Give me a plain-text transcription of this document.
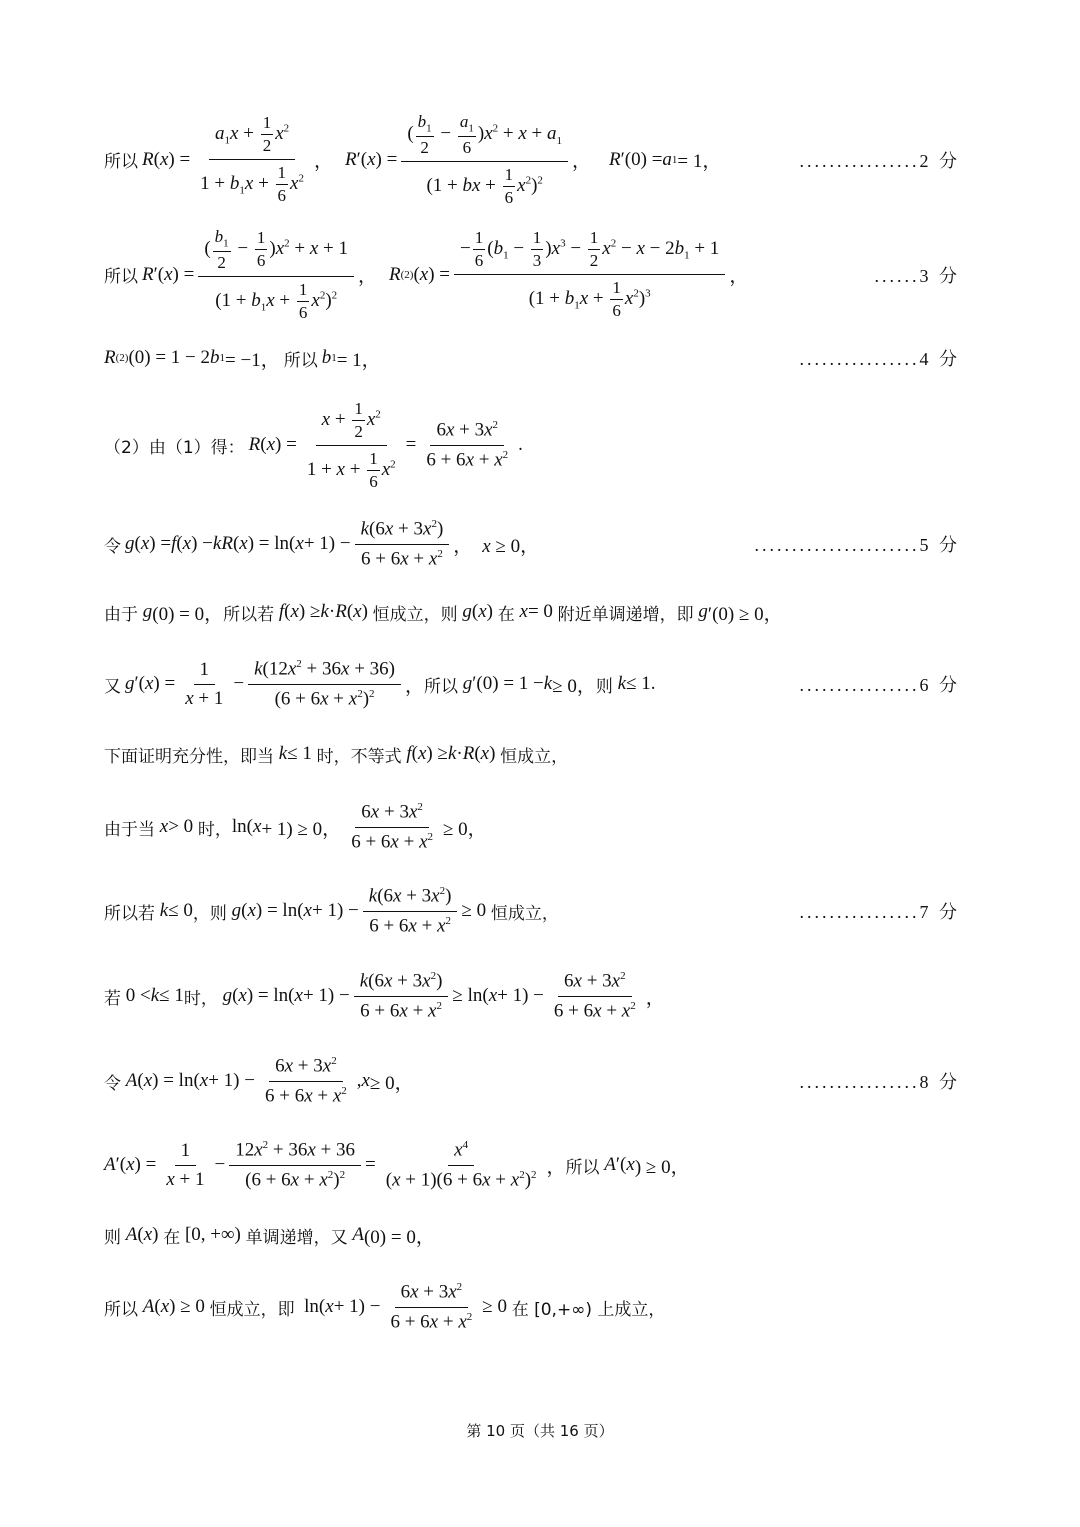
所以 R ( x ) = $\frac{a_1x + \frac{1}{2} x^2}{1 + b_1x + \frac{1}{6} x^2}$ ， R ′( x ) = $\frac{( \frac{b_1}{2} - \frac{a_1}{6} )x^2 + x + a_1}{(1 + bx + \frac{1}{6} x^2)^2}$ ， R ′(0) = a 1 = 1，	................2 分
所以 R ′( x ) = $\frac{( \frac{b_1}{2} - \frac{1}{6} )x^2 + x + 1}{(1 + b_1x + \frac{1}{6} x^2)^2}$ ， R (2) ( x ) = $\frac{- \frac{1}{6} (b_1 - \frac{1}{3} )x^3 - \frac{1}{2} x^2 - x - 2b_1 + 1}{(1 + b_1x + \frac{1}{6} x^2)^3}$ ，	......3 分
R (2) (0) = 1 − 2 b 1 = −1， 所以 b 1 = 1，	................4 分
（2）由（1）得： R ( x ) = $\frac{x + \frac{1}{2} x^2}{1 + x + \frac{1}{6} x^2} = \frac{6x + 3x^2}{6 + 6x + x^2}$ .
令 g ( x ) = f ( x ) − kR ( x ) = ln( $x + 1) - \frac{k(6x + 3x^2)}{6 + 6x + x^2}$ ， x ≥ 0，	......................5 分
由于
g (0) = 0， 所以若
f ( x ) ≥ k · R ( x ) 恒成立，则
g ( x ) 在
x = 0 附近单调递增，即
g ′(0) ≥ 0，
又 g ′( x ) = $\frac{1}{x + 1} - \frac{k(12x^2 + 36x + 36)}{(6 + 6x + x^2)^2}$ ， 所以
g ′(0) = 1 − k ≥ 0， 则
k ≤ 1.	................6 分
下面证明充分性，即当
k ≤ 1 时，不等式
f ( x ) ≥ k · R ( x ) 恒成立，
由于当
x > 0 时， ln( x + 1) ≥ 0， $\frac{6x + 3x^2}{6 + 6x + x^2} \ge 0$，
所以若
k ≤ 0 ，则
g ( x ) = ln( $x + 1) - \frac{k(6x + 3x^2)}{6 + 6x + x^2} \ge 0$ 恒成立，	................7 分
若 0 < k ≤ 1 时，
g ( x ) = ln( $x + 1) - \frac{k(6x + 3x^2)}{6 + 6x + x^2} \ge \ln$( $x + 1) - \frac{6x + 3x^2}{6 + 6x + x^2}$ ，
令
A ( x ) = ln( $x + 1) - \frac{6x + 3x^2}{6 + 6x + x^2}$ , x ≥ 0，	................8 分
A ′( x ) = $\frac{1}{x + 1} - \frac{12x^2 + 36x + 36}{(6 + 6x + x^2)^2} = \frac{x^4}{(x + 1)(6 + 6x + x^2)^2}$ ， 所以
A ′( x ) ≥ 0，
则
A ( x ) 在 [0, +∞) 单调递增，又
A (0) = 0，
所以
A ( x ) ≥ 0 恒成立，即 ln( $x + 1) - \frac{6x + 3x^2}{6 + 6x + x^2} \ge 0$ 在 [0,+∞) 上成立，
第 10 页（共 16 页）
